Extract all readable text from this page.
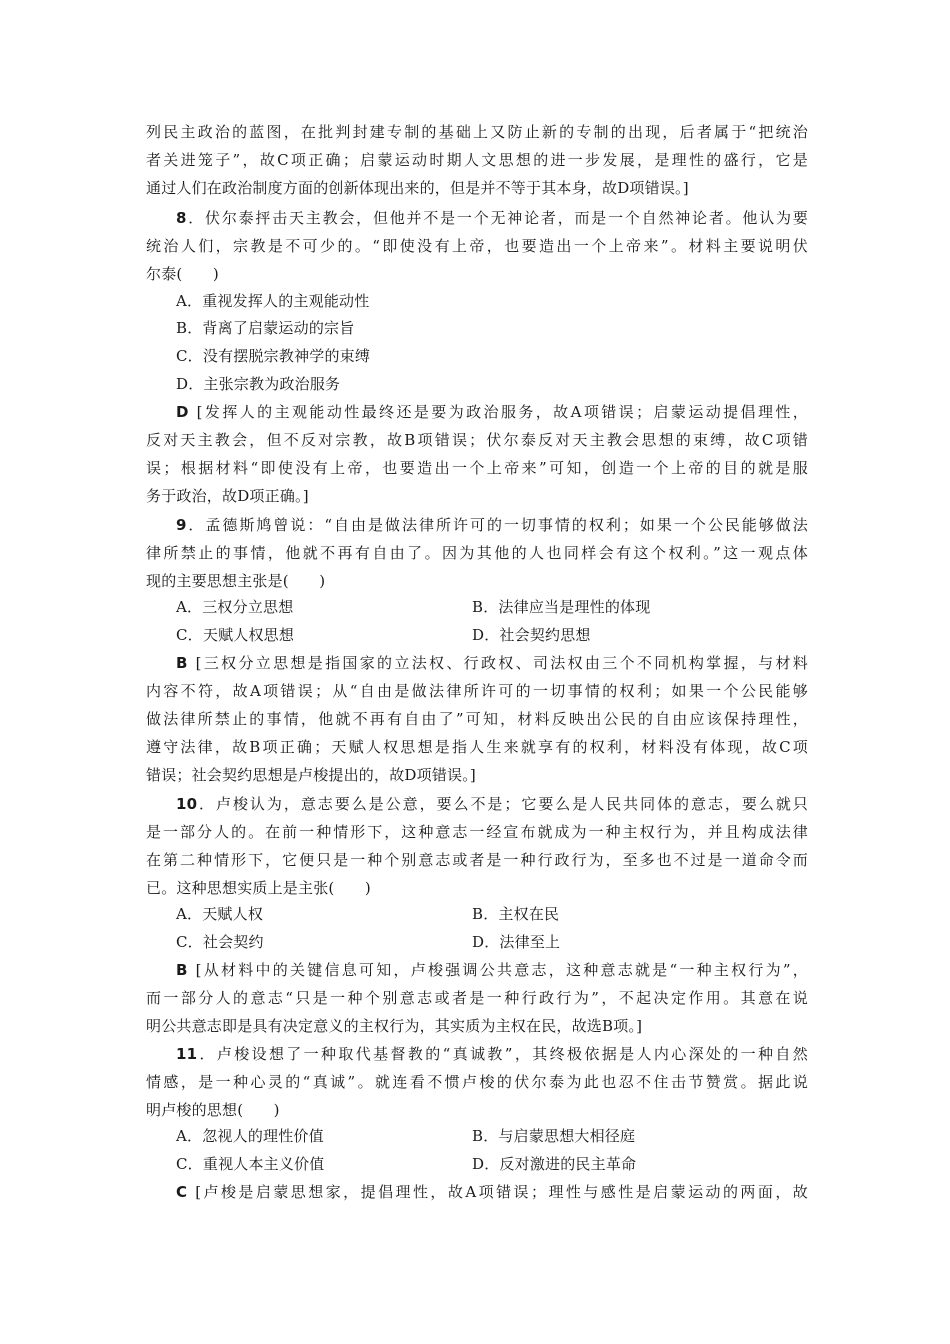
列民主政治的蓝图，在批判封建专制的基础上又防止新的专制的出现，后者属于“把统治
者关进笼子”，故C项正确；启蒙运动时期人文思想的进一步发展，是理性的盛行，它是
通过人们在政治制度方面的创新体现出来的，但是并不等于其本身，故D项错误。]
8．伏尔泰抨击天主教会，但他并不是一个无神论者，而是一个自然神论者。他认为要
统治人们，宗教是不可少的。“即使没有上帝，也要造出一个上帝来”。材料主要说明伏
尔泰(　　)
A．重视发挥人的主观能动性
B．背离了启蒙运动的宗旨
C．没有摆脱宗教神学的束缚
D．主张宗教为政治服务
D [发挥人的主观能动性最终还是要为政治服务，故A项错误；启蒙运动提倡理性，
反对天主教会，但不反对宗教，故B项错误；伏尔泰反对天主教会思想的束缚，故C项错
误；根据材料“即使没有上帝，也要造出一个上帝来”可知，创造一个上帝的目的就是服
务于政治，故D项正确。]
9．孟德斯鸠曾说：“自由是做法律所许可的一切事情的权利；如果一个公民能够做法
律所禁止的事情，他就不再有自由了。因为其他的人也同样会有这个权利。”这一观点体
现的主要思想主张是(　　)
A．三权分立思想	B．法律应当是理性的体现
C．天赋人权思想	D．社会契约思想
B [三权分立思想是指国家的立法权、行政权、司法权由三个不同机构掌握，与材料
内容不符，故A项错误；从“自由是做法律所许可的一切事情的权利；如果一个公民能够
做法律所禁止的事情，他就不再有自由了”可知，材料反映出公民的自由应该保持理性，
遵守法律，故B项正确；天赋人权思想是指人生来就享有的权利，材料没有体现，故C项
错误；社会契约思想是卢梭提出的，故D项错误。]
10．卢梭认为，意志要么是公意，要么不是；它要么是人民共同体的意志，要么就只
是一部分人的。在前一种情形下，这种意志一经宣布就成为一种主权行为，并且构成法律
在第二种情形下，它便只是一种个别意志或者是一种行政行为，至多也不过是一道命令而
已。这种思想实质上是主张(　　)
A．天赋人权	B．主权在民
C．社会契约	D．法律至上
B [从材料中的关键信息可知，卢梭强调公共意志，这种意志就是“一种主权行为”，
而一部分人的意志“只是一种个别意志或者是一种行政行为”，不起决定作用。其意在说
明公共意志即是具有决定意义的主权行为，其实质为主权在民，故选B项。]
11．卢梭设想了一种取代基督教的“真诚教”，其终极依据是人内心深处的一种自然
情感，是一种心灵的“真诚”。就连看不惯卢梭的伏尔泰为此也忍不住击节赞赏。据此说
明卢梭的思想(　　)
A．忽视人的理性价值	B．与启蒙思想大相径庭
C．重视人本主义价值	D．反对激进的民主革命
C [卢梭是启蒙思想家，提倡理性，故A项错误；理性与感性是启蒙运动的两面，故
